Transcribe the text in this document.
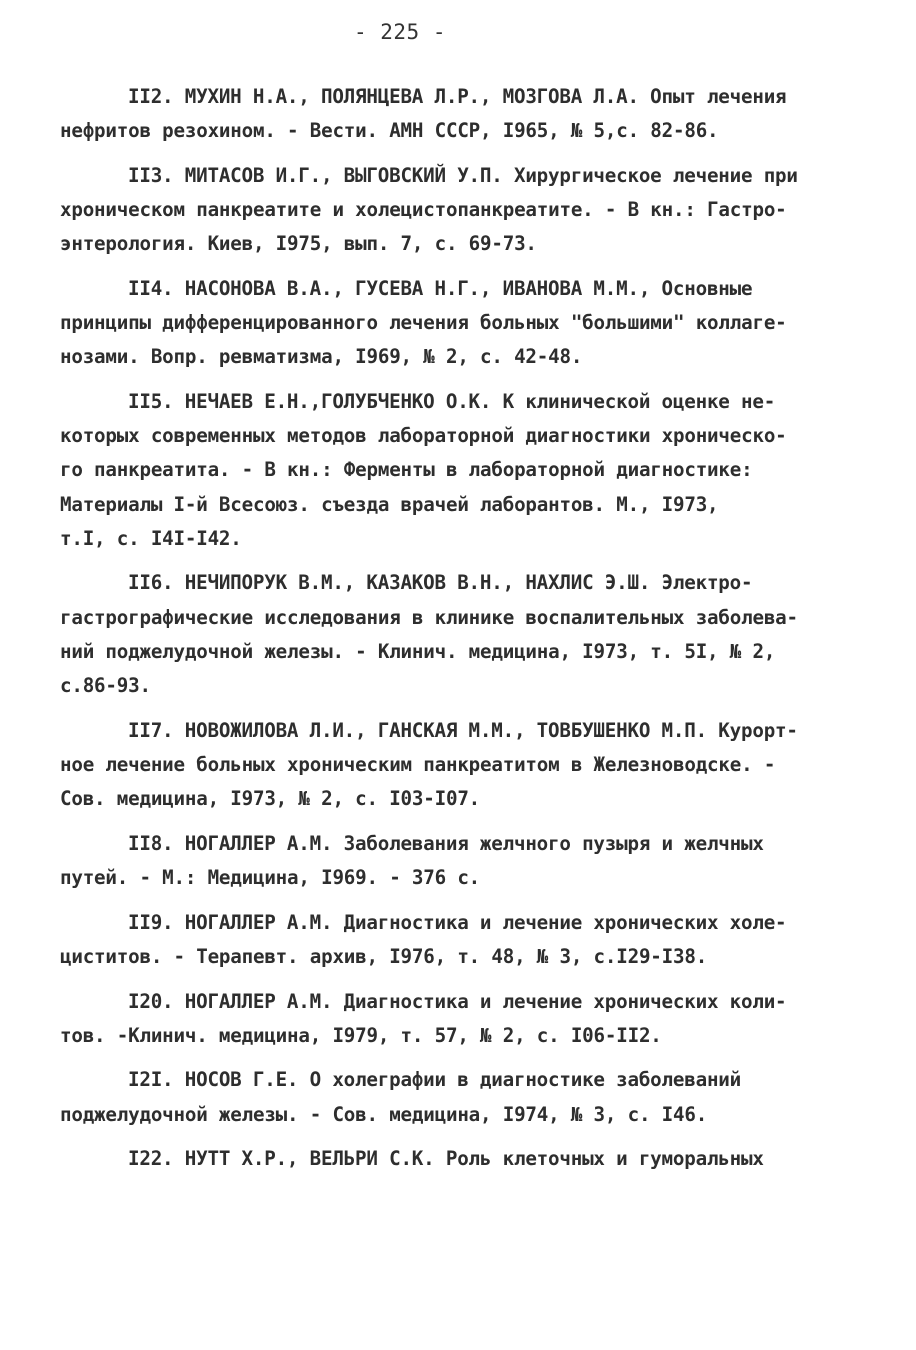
- 225 -
II2. МУХИН Н.А., ПОЛЯНЦЕВА Л.Р., МОЗГОВА Л.А. Опыт лечения
нефритов резохином. - Вести. АМН СССР, I965, № 5,с. 82-86.
II3. МИТАСОВ И.Г., ВЫГОВСКИЙ У.П. Хирургическое лечение при
хроническом панкреатите и холецистопанкреатите. - В кн.: Гастро-
энтерология. Киев, I975, вып. 7, с. 69-73.
II4. НАСОНОВА В.А., ГУСЕВА Н.Г., ИВАНОВА М.М., Основные
принципы дифференцированного лечения больных "большими" коллаге-
нозами. Вопр. ревматизма, I969, № 2, с. 42-48.
II5. НЕЧАЕВ Е.Н.,ГОЛУБЧЕНКО О.К. К клинической оценке не-
которых современных методов лабораторной диагностики хроническо-
го панкреатита. - В кн.: Ферменты в лабораторной диагностике:
Материалы I-й Всесоюз. съезда врачей лаборантов. М., I973,
т.I, с. I4I-I42.
II6. НЕЧИПОРУК В.М., КАЗАКОВ В.Н., НАХЛИС Э.Ш. Электро-
гастрографические исследования в клинике воспалительных заболева-
ний поджелудочной железы. - Клинич. медицина, I973, т. 5I, № 2,
с.86-93.
II7. НОВОЖИЛОВА Л.И., ГАНСКАЯ М.М., ТОВБУШЕНКО М.П. Курорт-
ное лечение больных хроническим панкреатитом в Железноводске. -
Сов. медицина, I973, № 2, с. I03-I07.
II8. НОГАЛЛЕР А.М. Заболевания желчного пузыря и желчных
путей. - М.: Медицина, I969. - 376 с.
II9. НОГАЛЛЕР А.М. Диагностика и лечение хронических холе-
циститов. - Терапевт. архив, I976, т. 48, № 3, с.I29-I38.
I20. НОГАЛЛЕР А.М. Диагностика и лечение хронических коли-
тов. -Клинич. медицина, I979, т. 57, № 2, с. I06-II2.
I2I. НОСОВ Г.Е. О холеграфии в диагностике заболеваний
поджелудочной железы. - Сов. медицина, I974, № 3, с. I46.
I22. НУТТ Х.Р., ВЕЛЬРИ С.К. Роль клеточных и гуморальных
